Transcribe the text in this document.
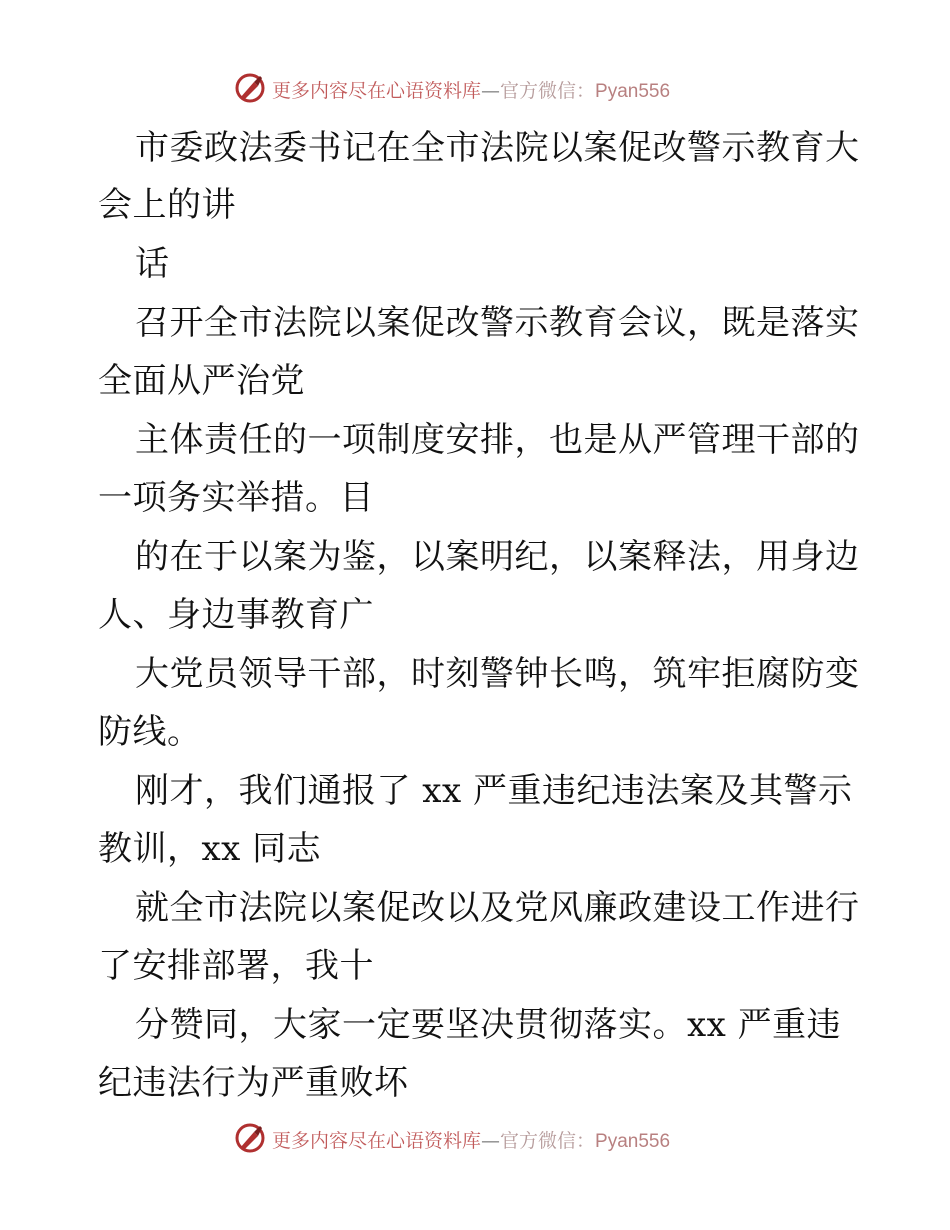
更多内容尽在心语资料库—官方微信：Pyan556
市委政法委书记在全市法院以案促改警示教育大
会上的讲
话
召开全市法院以案促改警示教育会议，既是落实
全面从严治党
主体责任的一项制度安排，也是从严管理干部的
一项务实举措。目
的在于以案为鉴，以案明纪，以案释法，用身边
人、身边事教育广
大党员领导干部，时刻警钟长鸣，筑牢拒腐防变
防线。
刚才，我们通报了 xx 严重违纪违法案及其警示
教训，xx 同志
就全市法院以案促改以及党风廉政建设工作进行
了安排部署，我十
分赞同，大家一定要坚决贯彻落实。xx 严重违
纪违法行为严重败坏
更多内容尽在心语资料库—官方微信：Pyan556
